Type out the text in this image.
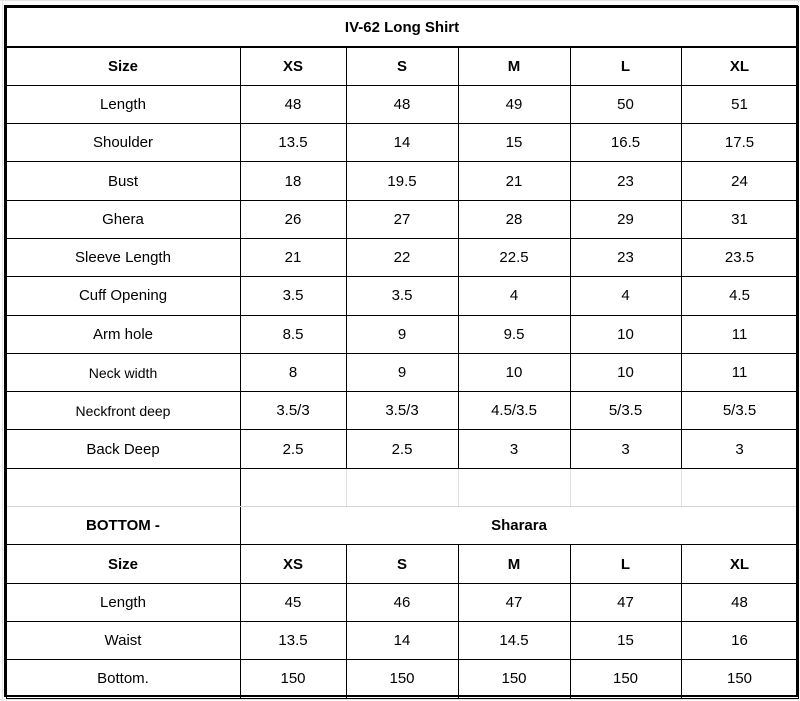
IV-62 Long Shirt					
Size	XS	S	M	L	XL
Length	48	48	49	50	51
Shoulder	13.5	14	15	16.5	17.5
Bust	18	19.5	21	23	24
Ghera	26	27	28	29	31
Sleeve Length	21	22	22.5	23	23.5
Cuff Opening	3.5	3.5	4	4	4.5
Arm hole	8.5	9	9.5	10	11
Neck width	8	9	10	10	11
Neckfront deep	3.5/3	3.5/3	4.5/3.5	5/3.5	5/3.5
Back Deep	2.5	2.5	3	3	3

BOTTOM -	Sharara				
Size	XS	S	M	L	XL
Length	45	46	47	47	48
Waist	13.5	14	14.5	15	16
Bottom.	150	150	150	150	150
